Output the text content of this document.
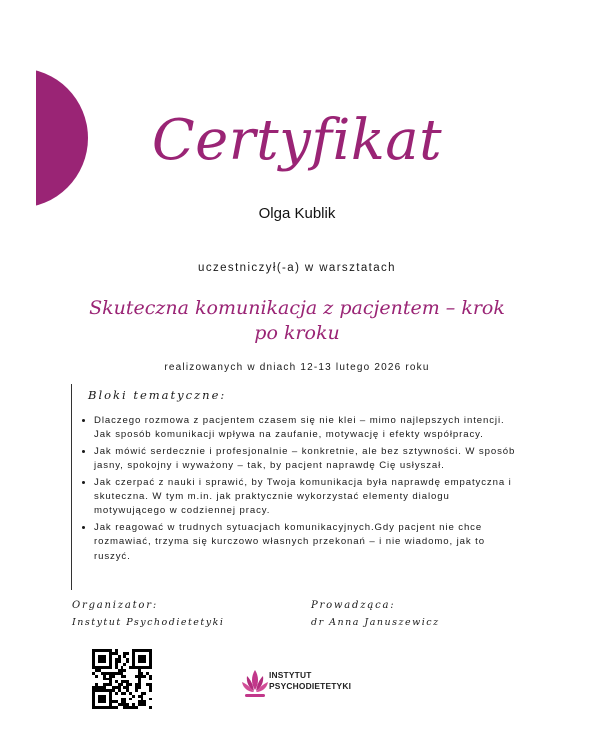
Certyfikat
Olga Kublik
uczestniczył(-a) w warsztatach
Skuteczna komunikacja z pacjentem – krok po kroku
realizowanych w dniach 12-13 lutego 2026 roku
Bloki tematyczne:
• Dlaczego rozmowa z pacjentem czasem się nie klei – mimo najlepszych intencji. Jak sposób komunikacji wpływa na zaufanie, motywację i efekty współpracy.
• Jak mówić serdecznie i profesjonalnie – konkretnie, ale bez sztywności. W sposób jasny, spokojny i wyważony – tak, by pacjent naprawdę Cię usłyszał.
• Jak czerpać z nauki i sprawić, by Twoja komunikacja była naprawdę empatyczna i skuteczna. W tym m.in. jak praktycznie wykorzystać elementy dialogu motywującego w codziennej pracy.
• Jak reagować w trudnych sytuacjach komunikacyjnych.Gdy pacjent nie chce rozmawiać, trzyma się kurczowo własnych przekonań – i nie wiadomo, jak to ruszyć.
Organizator:
Instytut Psychodietetyki
Prowadząca:
dr Anna Januszewicz
INSTYTUT
PSYCHODIETETYKI
